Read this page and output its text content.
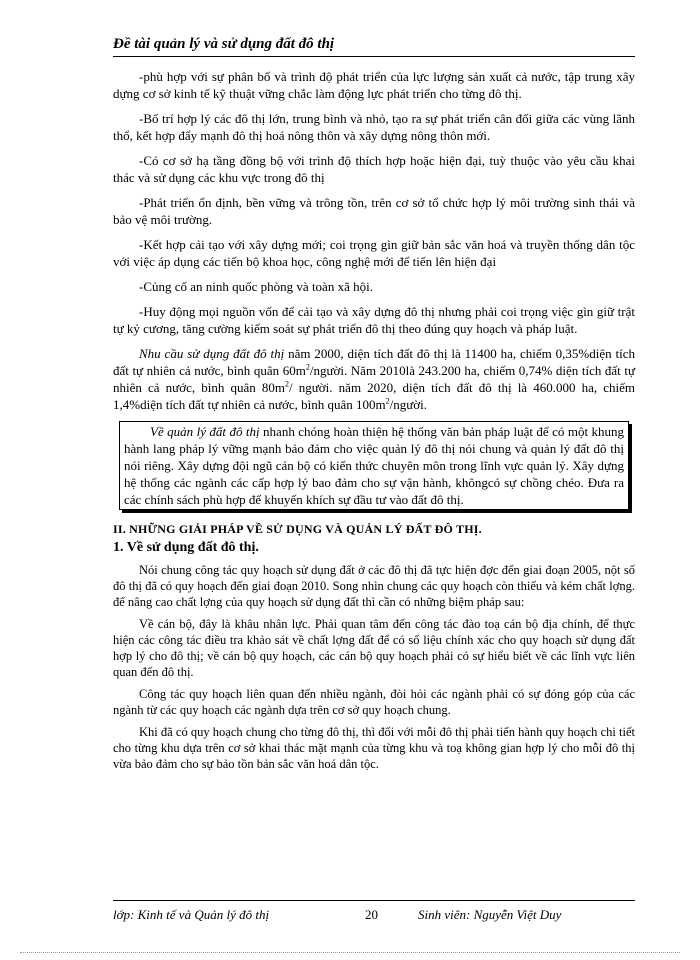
Đề tài quản lý và sử dụng đất đô thị

-phù hợp với sự phân bố và trình độ phát triển của lực lượng sản xuất cả nước, tập trung xây dựng cơ sở kinh tế kỹ thuật vững chắc làm động lực phát triển cho từng đô thị.

-Bố trí hợp lý các đô thị lớn, trung bình và nhỏ, tạo ra sự phát triển cân đối giữa các vùng lãnh thổ, kết hợp đẩy mạnh đô thị hoá nông thôn và xây dựng nông thôn mới.

-Có cơ sở hạ tầng đồng bộ với trình độ thích hợp hoặc hiện đại, tuỳ thuộc vào yêu cầu khai thác và sử dụng các khu vực trong đô thị

-Phát triển ổn định, bền vững và trông tồn, trên cơ sở tổ chức hợp lý môi trường sinh thái và bảo vệ môi trường.

-Kết hợp cải tạo với xây dựng mới; coi trọng gìn giữ bản sắc văn hoá và truyền thống dân tộc với việc áp dụng các tiến bộ khoa học, công nghệ mới để tiến lên hiện đại

-Củng cố an ninh quốc phòng và toàn xã hội.

-Huy động mọi nguồn vốn để cải tạo và xây dựng đô thị nhưng phải coi trọng việc gìn giữ trật tự kỷ cương, tăng cường kiểm soát sự phát triển đô thị theo đúng quy hoạch và pháp luật.

Nhu cầu sử dụng đất đô thị năm 2000, diện tích đất đô thị là 11400 ha, chiếm 0,35%diện tích đất tự nhiên cả nước, bình quân $60m^2$/người. Năm 2010là 243.200 ha, chiếm 0,74% diện tích đất tự nhiên cả nước, bình quân $80m^2/$ người. năm 2020, diện tích đất đô thị là 460.000 ha, chiếm 1,4%diện tích đất tự nhiên cả nước, bình quân $100m^2$/người.

Về quản lý đất đô thị nhanh chóng hoàn thiện hệ thống văn bản pháp luật để có một khung hành lang pháp lý vững mạnh bảo đảm cho việc quản lý đô thị nói chung và quản lý đất đô thị nói riêng. Xây dựng đội ngũ cán bộ có kiến thức chuyên môn trong lĩnh vực quản lý. Xây dựng hệ thống các ngành các cấp hợp lý bao đảm cho sự vận hành, khôngcó sự chồng chéo. Đưa ra các chính sách phù hợp để khuyến khích sự đầu tư vào đất đô thị.

II. NHỮNG GIẢI PHÁP VỀ SỬ DỤNG VÀ QUẢN LÝ ĐẤT ĐÔ THỊ.
1. Về sử dụng đất đô thị.

Nói chung công tác quy hoạch sử dụng đất ở các đô thị đã tực hiện đợc đến giai đoạn 2005, nột số đô thị đã có quy hoạch đến giai đoạn 2010. Song nhìn chung các quy hoạch còn thiếu và kém chất lợng. để nâng cao chất lợng của quy hoạch sử dụng đất thì cần có những biệm pháp sau:

Về cán bộ, đây là khâu nhân lực. Phải quan tâm đến công tác đào toạ cán bộ địa chính, để thực hiện các công tác điều tra khảo sát về chất lợng đất để có số liệu chính xác cho quy hoạch sử dụng đất hợp lý cho đô thị; về cán bộ quy hoạch, các cán bộ quy hoạch phải có sự hiểu biết về các lĩnh vực liên quan đến đô thị.

Công tác quy hoạch liên quan đến nhiều ngành, đòi hỏi các ngành phải có sự đóng góp của các ngành từ các quy hoạch các ngành dựa trên cơ sở quy hoạch chung.

Khi đã có quy hoạch chung cho từng đô thị, thì đối với mỗi đô thị phải tiến hành quy hoạch chi tiết cho từng khu dựa trên cơ sở khai thác mặt mạnh của từng khu và toạ không gian hợp lý cho mỗi đô thị vừa bảo đảm cho sự bảo tồn bản sắc văn hoá dân tộc.

lớp: Kinh tế và Quản lý đô thị	20	Sinh viên: Nguyễn Việt Duy
